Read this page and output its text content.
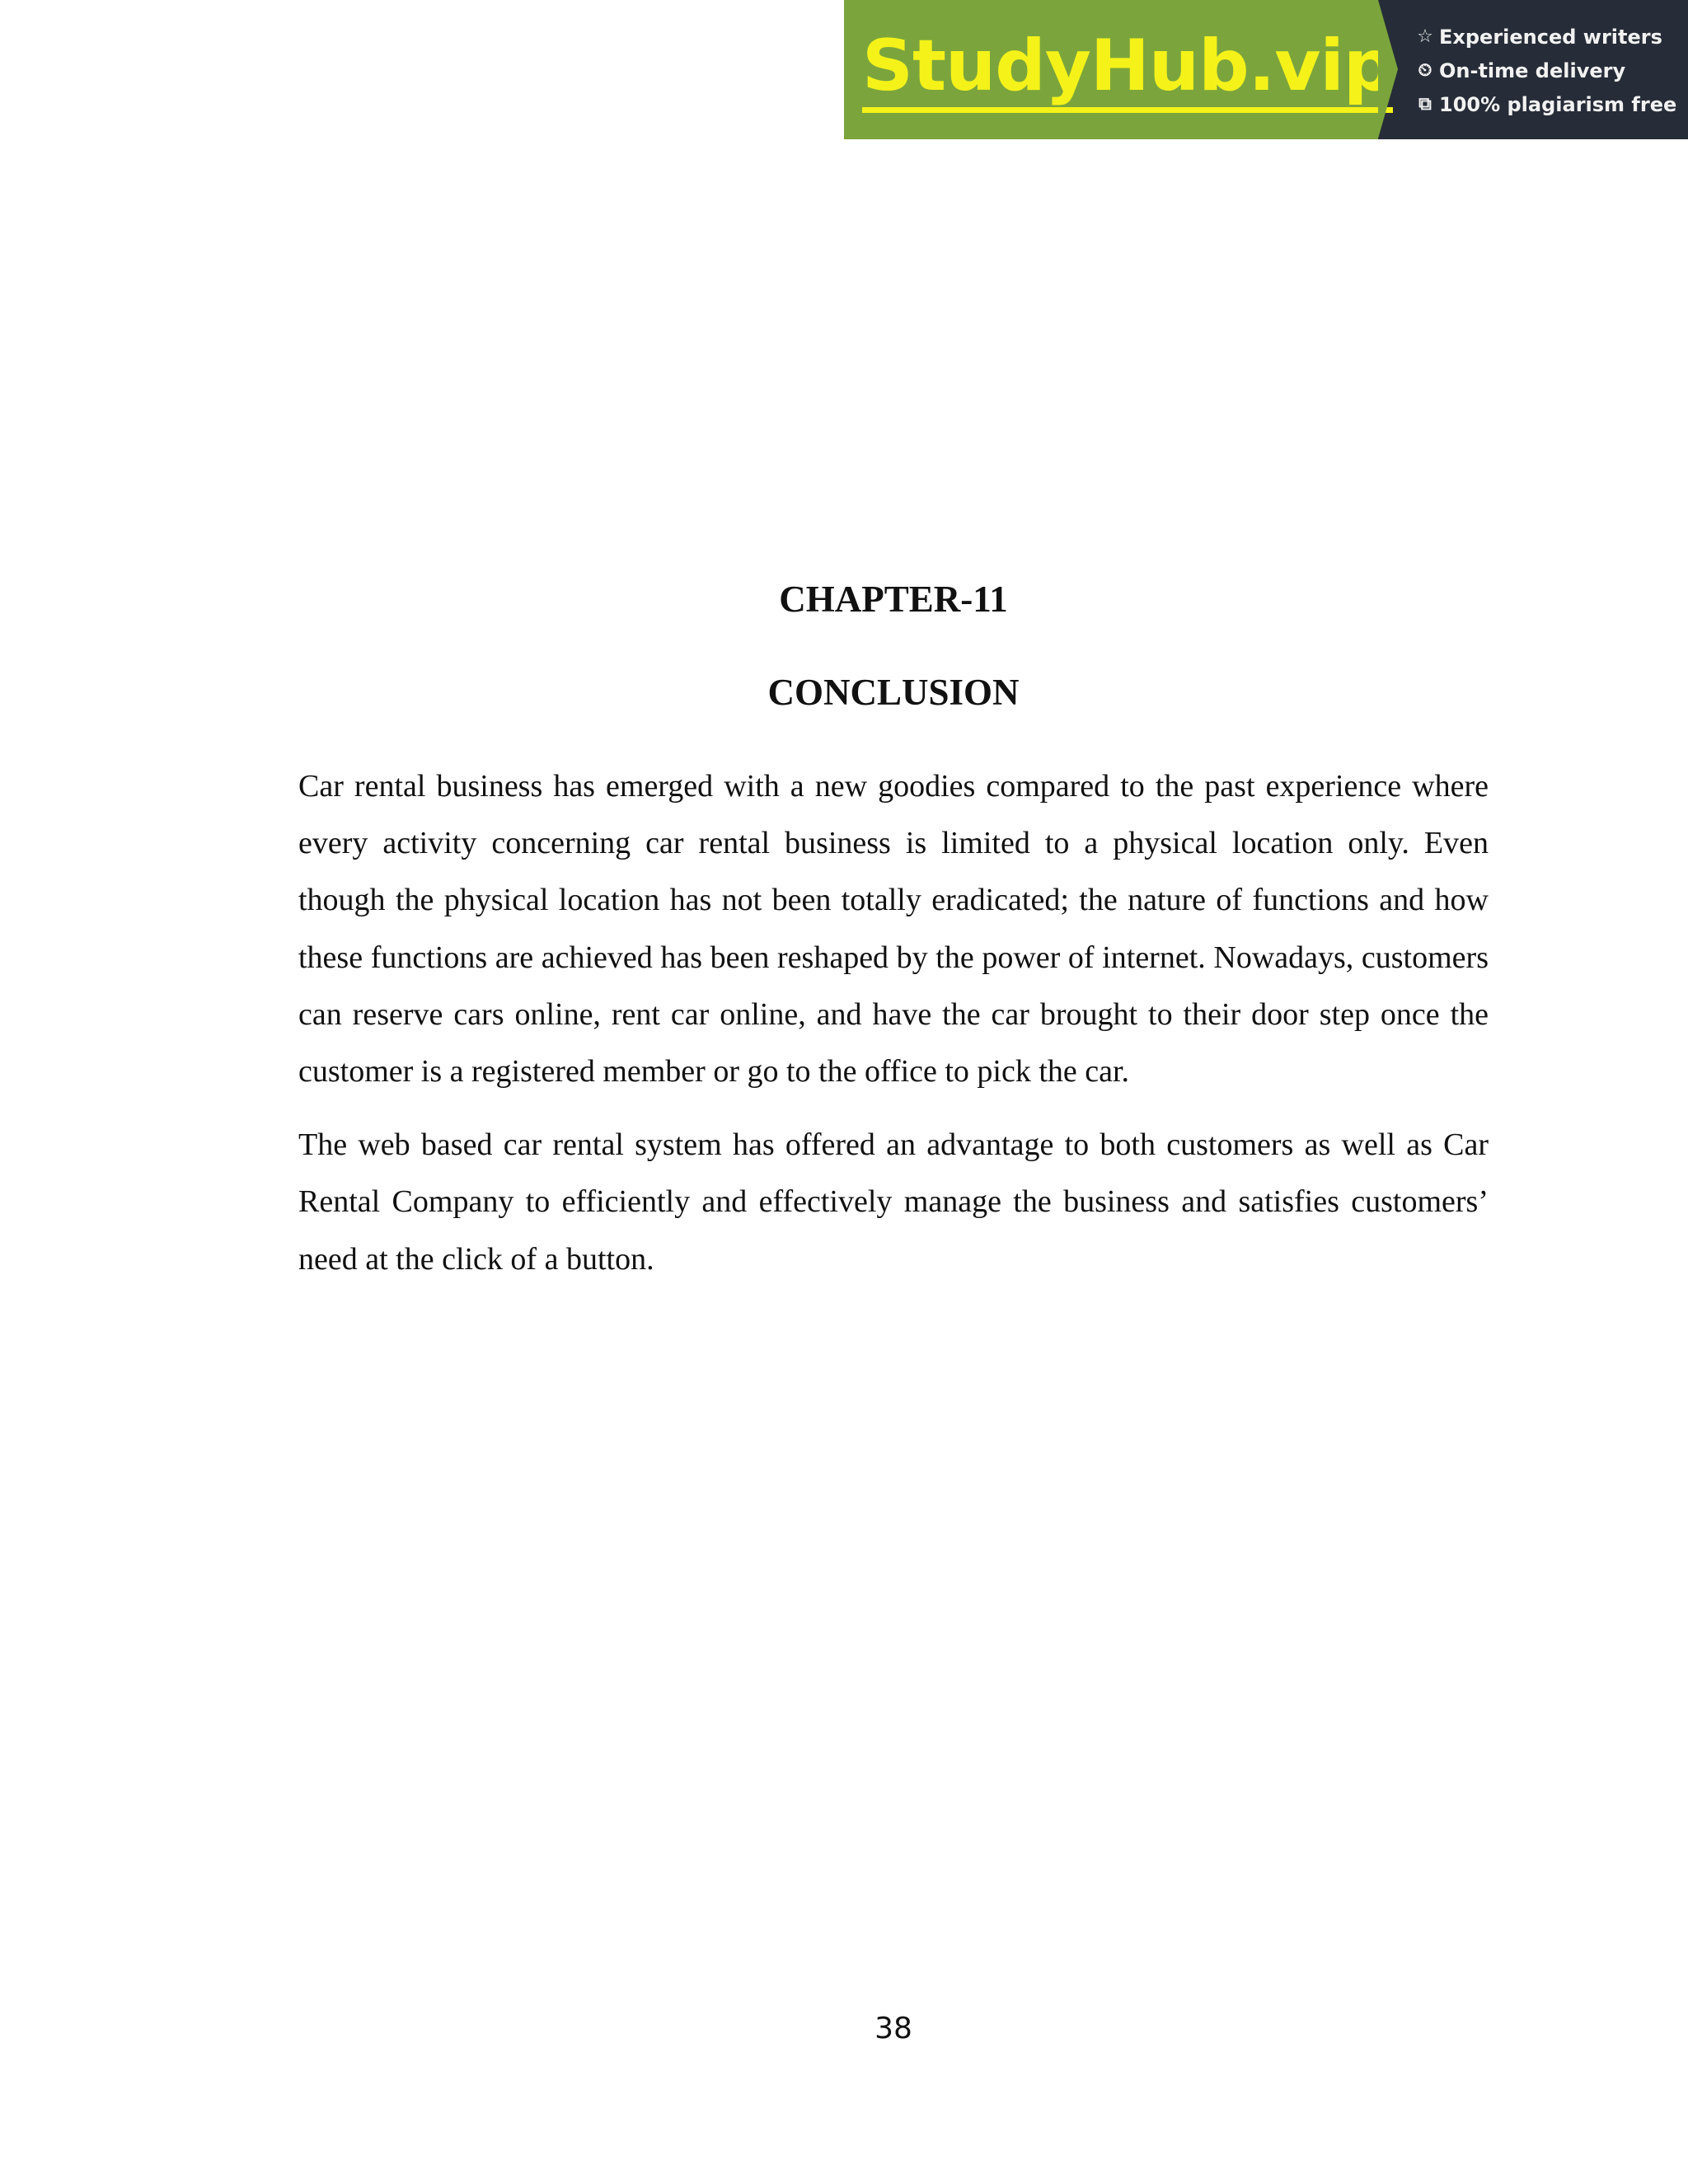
StudyHub.vip ☆ Experienced writers
⏲ On-time delivery
⧉ 100% plagiarism free
CHAPTER-11
CONCLUSION

Car rental business has emerged with a new goodies compared to the past experience where every activity concerning car rental business is limited to a physical location only. Even though the physical location has not been totally eradicated; the nature of functions and how these functions are achieved has been reshaped by the power of internet. Nowadays, customers can reserve cars online, rent car online, and have the car brought to their door step once the customer is a registered member or go to the office to pick the car.

The web based car rental system has offered an advantage to both customers as well as Car Rental Company to efficiently and effectively manage the business and satisfies customers’ need at the click of a button.

38
